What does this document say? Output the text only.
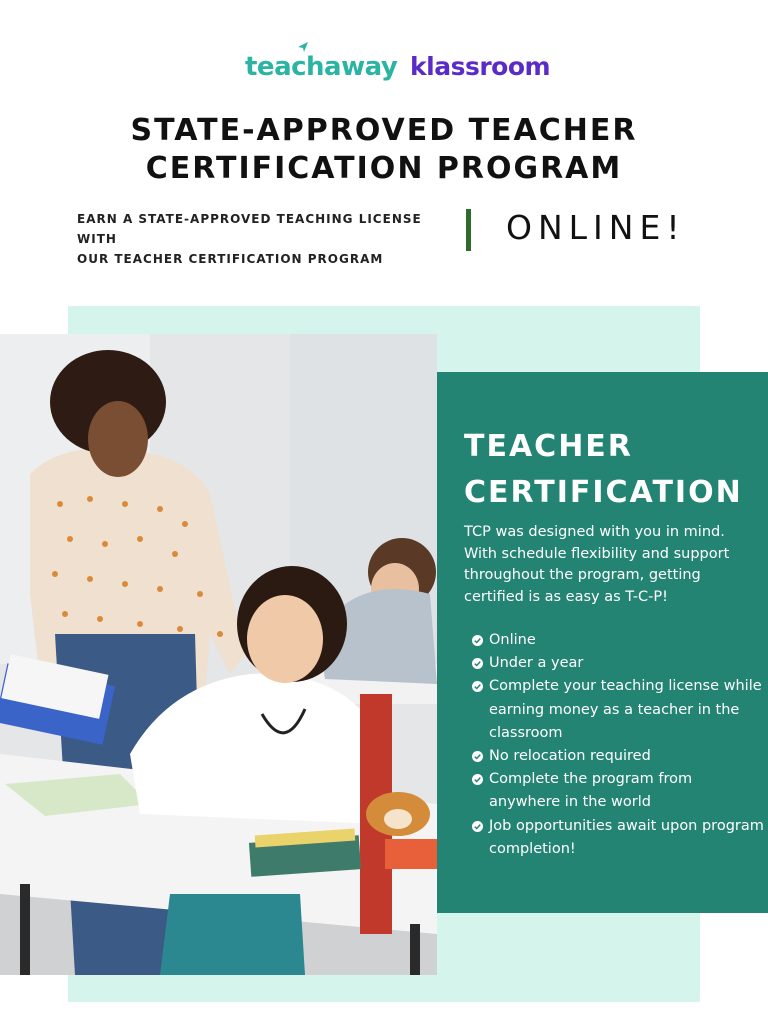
teachaway klassroom
STATE-APPROVED TEACHER
CERTIFICATION PROGRAM
EARN A STATE-APPROVED TEACHING LICENSE WITH
OUR TEACHER CERTIFICATION PROGRAM
ONLINE!
TEACHER
CERTIFICATION

TCP was designed with you in mind. With schedule flexibility and support throughout the program, getting certified is as easy as T-C-P!

Online
Under a year
Complete your teaching license while earning money as a teacher in the classroom
No relocation required
Complete the program from anywhere in the world
Job opportunities await upon program completion!
